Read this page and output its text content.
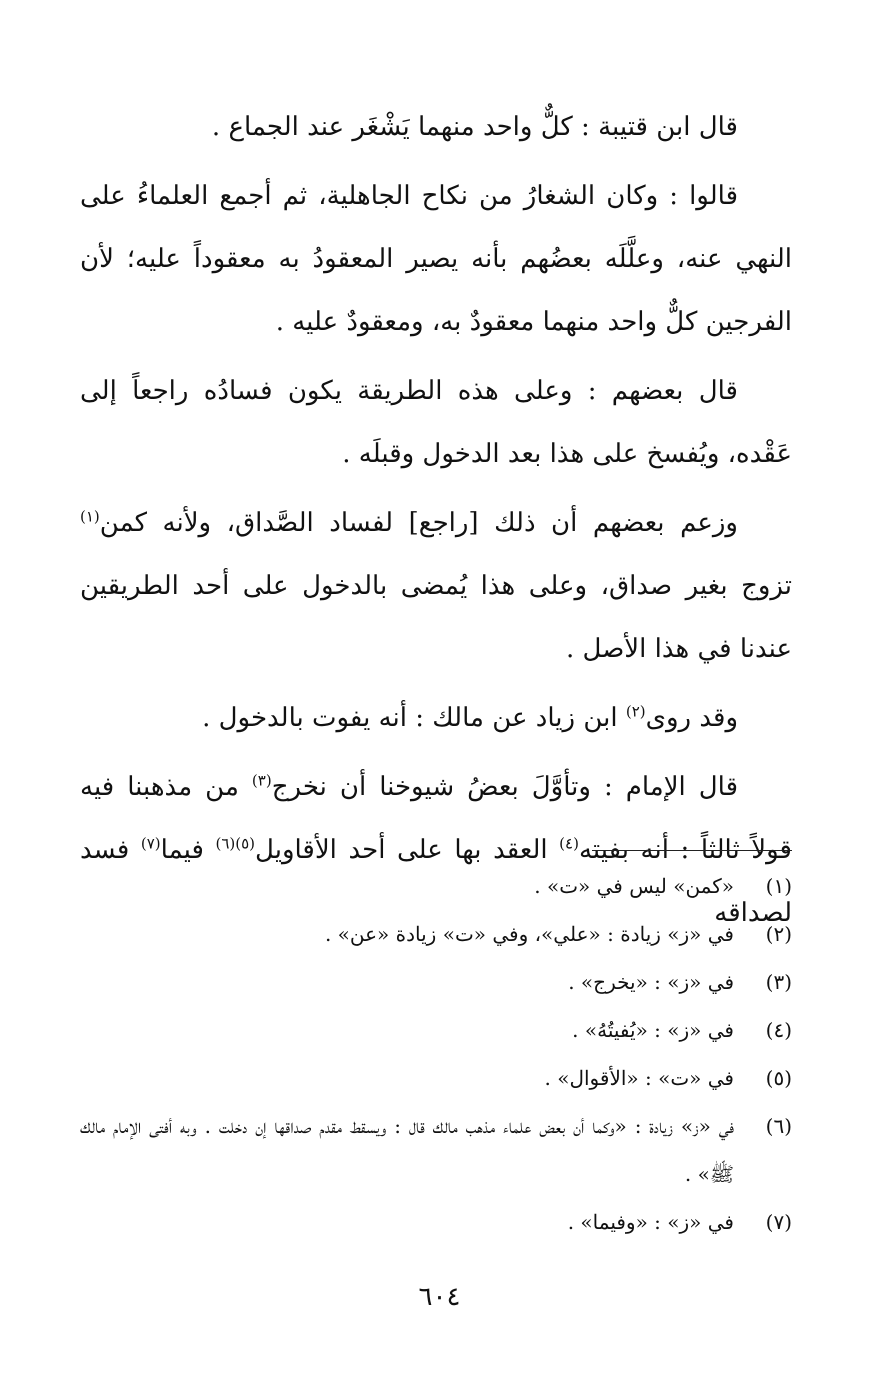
قال ابن قتيبة : كلٌّ واحد منهما يَشْغَر عند الجماع .

قالوا : وكان الشغارُ من نكاح الجاهلية، ثم أجمع العلماءُ على النهي عنه، وعلَّلَه بعضُهم بأنه يصير المعقودُ به معقوداً عليه؛ لأن الفرجين كلٌّ واحد منهما معقودٌ به، ومعقودٌ عليه .

قال بعضهم : وعلى هذه الطريقة يكون فسادُه راجعاً إلى عَقْده، ويُفسخ على هذا بعد الدخول وقبلَه .

وزعم بعضهم أن ذلك [راجع] لفساد الصَّداق، ولأنه كمن$^{(١)}$ تزوج بغير صداق، وعلى هذا يُمضى بالدخول على أحد الطريقين عندنا في هذا الأصل .

وقد روى$^{(٢)}$ ابن زياد عن مالك : أنه يفوت بالدخول .

قال الإمام : وتأوَّلَ بعضُ شيوخنا أن نخرج$^{(٣)}$ من مذهبنا فيه قولاً ثالثاً : أنه بفيته$^{(٤)}$ العقد بها على أحد الأقاويل$^{(٥)(٦)}$ فيما$^{(٧)}$ فسد لصداقه

(١)
«كمن» ليس في «ت» .
(٢)
في «ز» زيادة : «علي»، وفي «ت» زيادة «عن» .
(٣)
في «ز» : «يخرج» .
(٤)
في «ز» : «يُفيتُهُ» .
(٥)
في «ت» : «الأقوال» .
(٦)
في «ز» زيادة : «وكما أن بعض علماء مذهب مالك قال : ويسقط مقدم صداقها إن دخلت . وبه أفتى الإمام مالك ﷺ» .
(٧)
في «ز» : «وفيما» .
٦٠٤
